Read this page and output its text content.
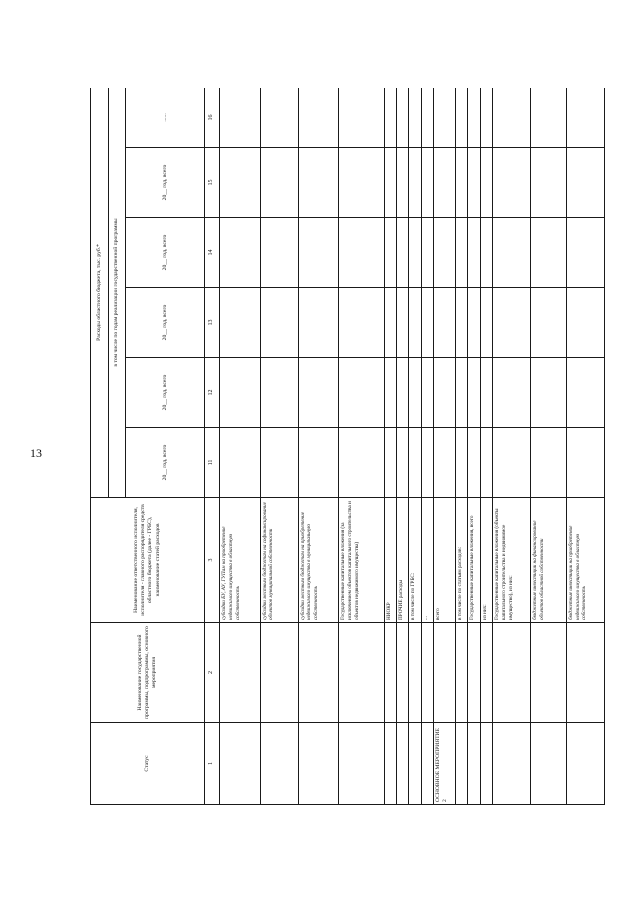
13
Статус	Наименование государственной программы, подпрограммы, основного мероприятия	Наименование ответственного исполнителя, исполнителя - главного распорядителя средств областного бюджета (далее - ГРБС), наименование статей расходов	Расходы областного бюджета, тыс. руб.*					
			в том числе по годам реализации государственной программы					
			20__ год, всего	20__ год, всего	20__ год, всего	20__ год, всего	20__ год, всего	......
1	2	3	11	12	13	14	15	16
		субсидии БУ, АУ, ГУПам на приобретение недвижимого имущества в областную собственность						
		субсидии местным бюджетам на софинансирование объектов муниципальной собственности						
		субсидии местным бюджетам на приобретение недвижимого имущества в муниципальную собственность						
		Государственные капитальные вложения (за исключением объектов капитального строительства и объектов недвижимого имущества)						
		НИОКР						
		ПРОЧИЕ расходы						
		в том числе по ГРБС:						
		...						
ОСНОВНОЕ МЕРОПРИЯТИЕ 2		всего						
		в том числе по статьям расходов:						
		Государственные капитальные вложения, всего						
		из них:						
		Государственные капитальные вложения (объекты капитального строительства и недвижимое имущество), из них:						
		бюджетные инвестиции на финансирование объектов областной собственности						
		бюджетные инвестиции на приобретение недвижимого имущества в областную собственность						
